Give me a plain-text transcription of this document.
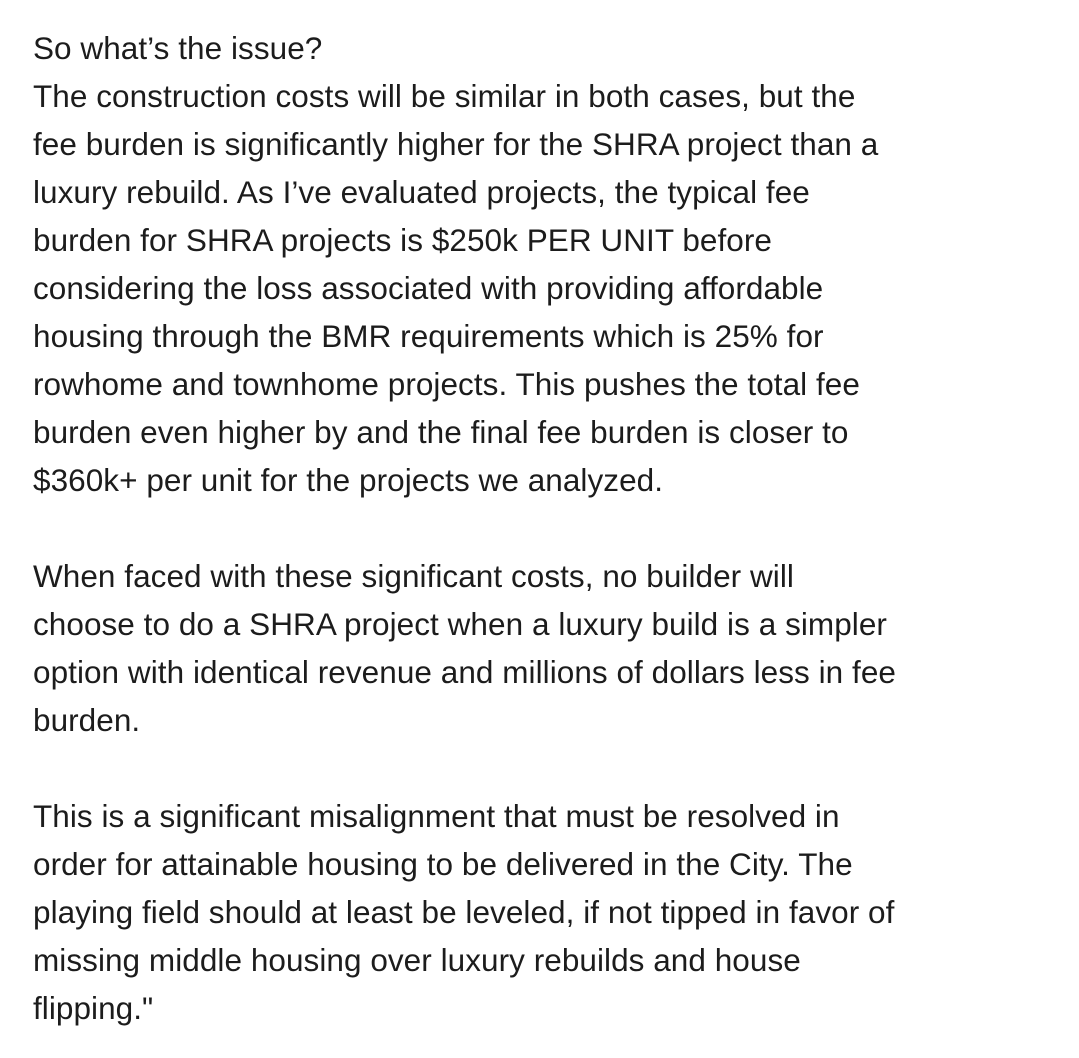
So what’s the issue?
The construction costs will be similar in both cases, but the
fee burden is significantly higher for the SHRA project than a
luxury rebuild. As I’ve evaluated projects, the typical fee
burden for SHRA projects is $250k PER UNIT before
considering the loss associated with providing affordable
housing through the BMR requirements which is 25% for
rowhome and townhome projects. This pushes the total fee
burden even higher by and the final fee burden is closer to
$360k+ per unit for the projects we analyzed.

When faced with these significant costs, no builder will
choose to do a SHRA project when a luxury build is a simpler
option with identical revenue and millions of dollars less in fee
burden.

This is a significant misalignment that must be resolved in
order for attainable housing to be delivered in the City. The
playing field should at least be leveled, if not tipped in favor of
missing middle housing over luxury rebuilds and house
flipping."
